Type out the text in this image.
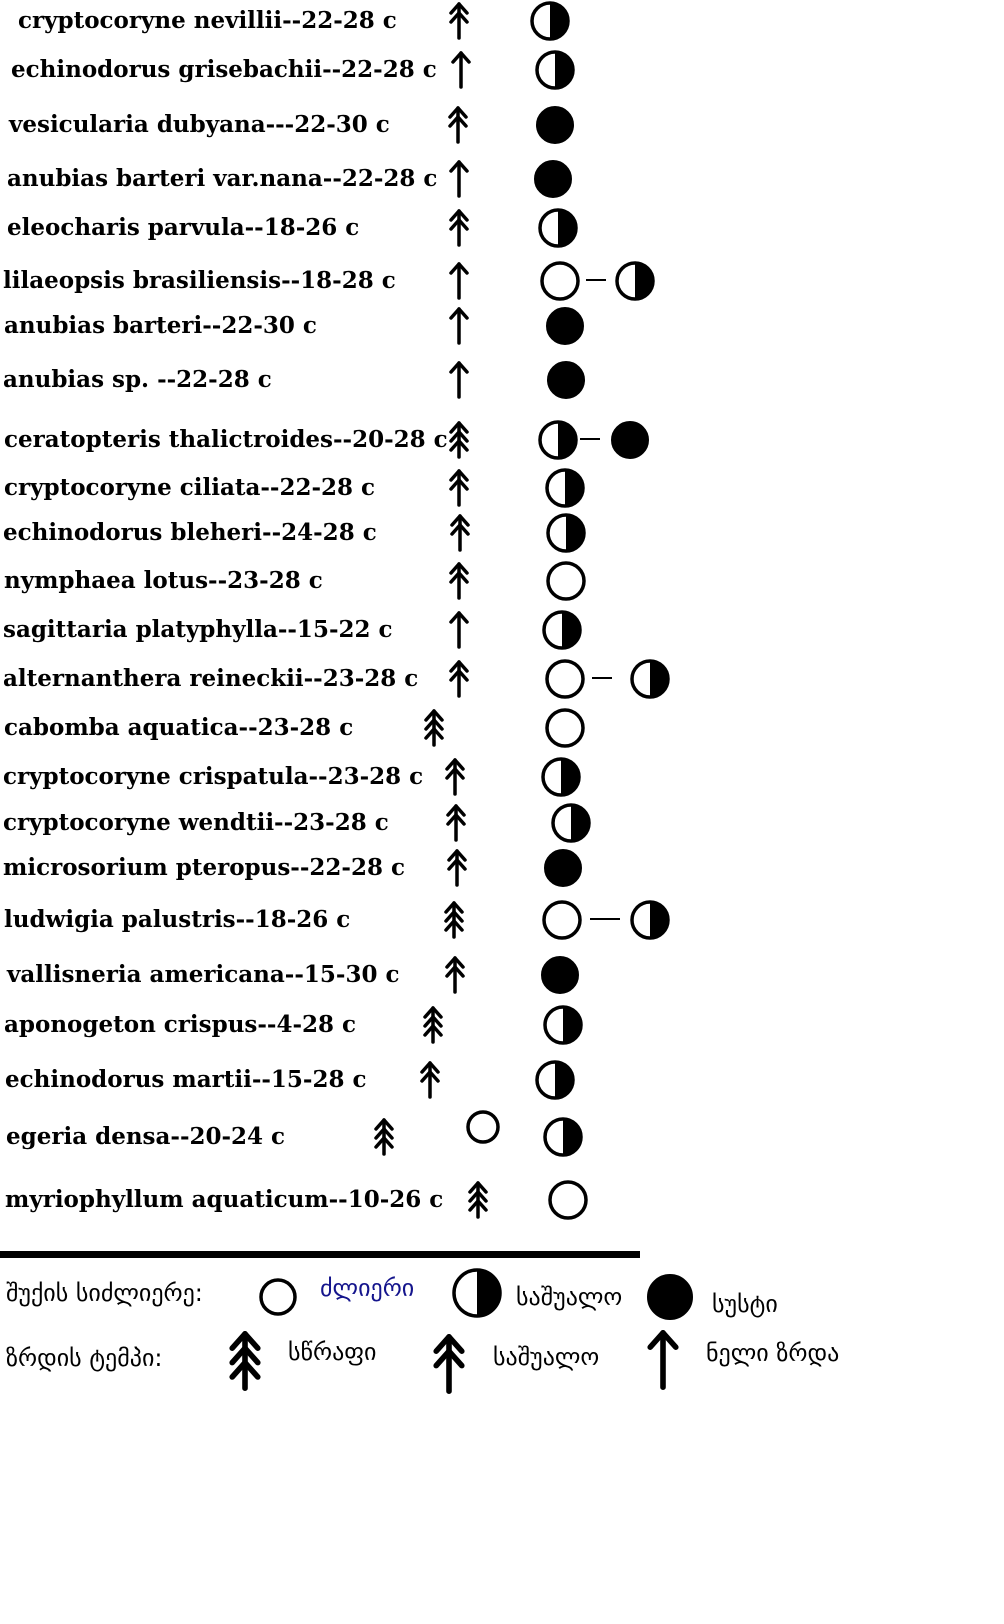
cryptocoryne nevillii--22-28 c
echinodorus grisebachii--22-28 c
vesicularia dubyana---22-30 c
anubias barteri var.nana--22-28 c
eleocharis parvula--18-26 c
lilaeopsis brasiliensis--18-28 c
anubias barteri--22-30 c
anubias sp. --22-28 c
ceratopteris thalictroides--20-28 c
cryptocoryne ciliata--22-28 c
echinodorus bleheri--24-28 c
nymphaea lotus--23-28 c
sagittaria platyphylla--15-22 c
alternanthera reineckii--23-28 c
cabomba aquatica--23-28 c
cryptocoryne crispatula--23-28 c
cryptocoryne wendtii--23-28 c
microsorium pteropus--22-28 c
ludwigia palustris--18-26 c
vallisneria americana--15-30 c
aponogeton crispus--4-28 c
echinodorus martii--15-28 c
egeria densa--20-24 c
myriophyllum aquaticum--10-26 c
შუქის სიძლიერე:	ძლიერი	საშუალო	სუსტი
ზრდის ტემპი:	სწრაფი	საშუალო	ნელი ზრდა
